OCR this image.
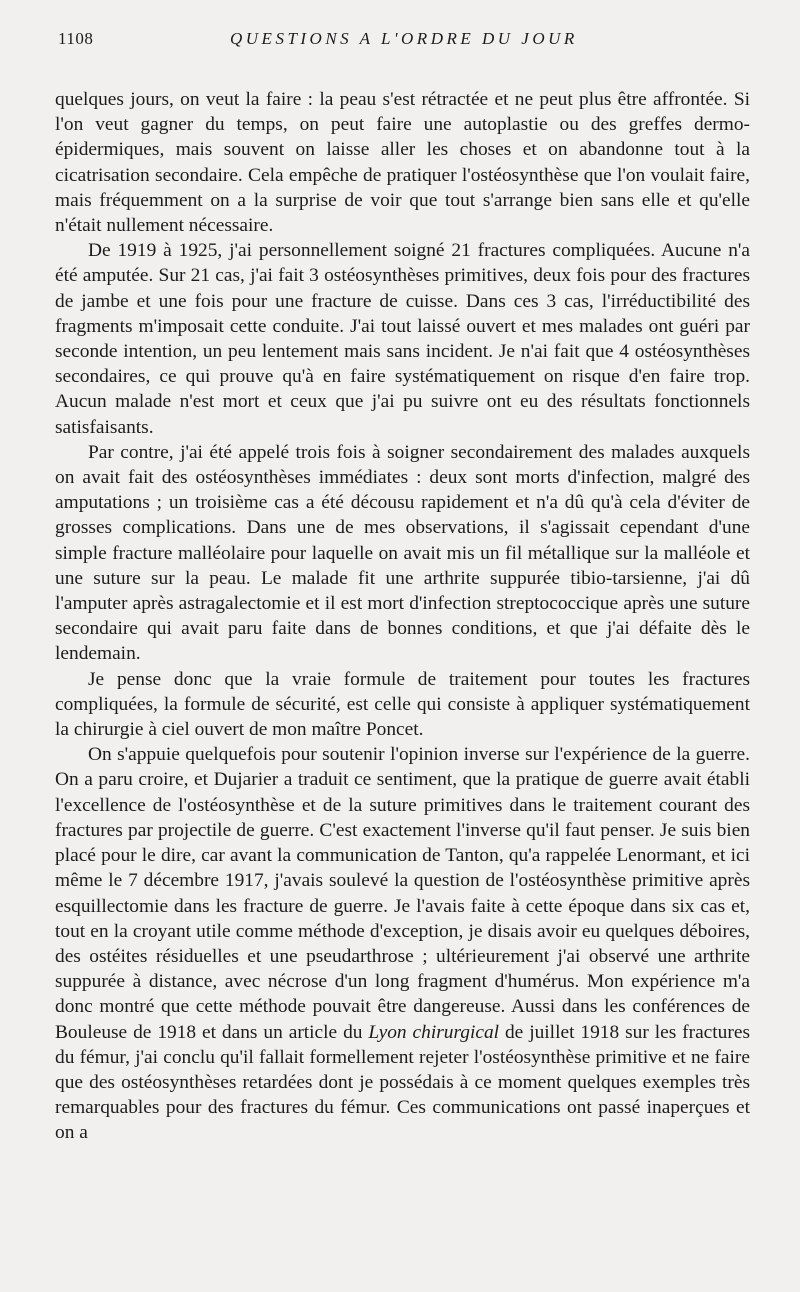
1108	QUESTIONS A L'ORDRE DU JOUR

quelques jours, on veut la faire : la peau s'est rétractée et ne peut plus être affrontée. Si l'on veut gagner du temps, on peut faire une autoplastie ou des greffes dermo-épidermiques, mais souvent on laisse aller les choses et on abandonne tout à la cicatrisation secondaire. Cela empêche de pratiquer l'ostéosynthèse que l'on voulait faire, mais fréquemment on a la surprise de voir que tout s'arrange bien sans elle et qu'elle n'était nullement nécessaire.

De 1919 à 1925, j'ai personnellement soigné 21 fractures compliquées. Aucune n'a été amputée. Sur 21 cas, j'ai fait 3 ostéosynthèses primitives, deux fois pour des fractures de jambe et une fois pour une fracture de cuisse. Dans ces 3 cas, l'irréductibilité des fragments m'imposait cette conduite. J'ai tout laissé ouvert et mes malades ont guéri par seconde intention, un peu lentement mais sans incident. Je n'ai fait que 4 ostéosynthèses secondaires, ce qui prouve qu'à en faire systématiquement on risque d'en faire trop. Aucun malade n'est mort et ceux que j'ai pu suivre ont eu des résultats fonctionnels satisfaisants.

Par contre, j'ai été appelé trois fois à soigner secondairement des malades auxquels on avait fait des ostéosynthèses immédiates : deux sont morts d'infection, malgré des amputations ; un troisième cas a été décousu rapidement et n'a dû qu'à cela d'éviter de grosses complications. Dans une de mes observations, il s'agissait cependant d'une simple fracture malléolaire pour laquelle on avait mis un fil métallique sur la malléole et une suture sur la peau. Le malade fit une arthrite suppurée tibio-tarsienne, j'ai dû l'amputer après astragalectomie et il est mort d'infection streptococcique après une suture secondaire qui avait paru faite dans de bonnes conditions, et que j'ai défaite dès le lendemain.

Je pense donc que la vraie formule de traitement pour toutes les fractures compliquées, la formule de sécurité, est celle qui consiste à appliquer systématiquement la chirurgie à ciel ouvert de mon maître Poncet.

On s'appuie quelquefois pour soutenir l'opinion inverse sur l'expérience de la guerre. On a paru croire, et Dujarier a traduit ce sentiment, que la pratique de guerre avait établi l'excellence de l'ostéosynthèse et de la suture primitives dans le traitement courant des fractures par projectile de guerre. C'est exactement l'inverse qu'il faut penser. Je suis bien placé pour le dire, car avant la communication de Tanton, qu'a rappelée Lenormant, et ici même le 7 décembre 1917, j'avais soulevé la question de l'ostéosynthèse primitive après esquillectomie dans les fracture de guerre. Je l'avais faite à cette époque dans six cas et, tout en la croyant utile comme méthode d'exception, je disais avoir eu quelques déboires, des ostéites résiduelles et une pseudarthrose ; ultérieurement j'ai observé une arthrite suppurée à distance, avec nécrose d'un long fragment d'humérus. Mon expérience m'a donc montré que cette méthode pouvait être dangereuse. Aussi dans les conférences de Bouleuse de 1918 et dans un article du Lyon chirurgical de juillet 1918 sur les fractures du fémur, j'ai conclu qu'il fallait formellement rejeter l'ostéosynthèse primitive et ne faire que des ostéosynthèses retardées dont je possédais à ce moment quelques exemples très remarquables pour des fractures du fémur. Ces communications ont passé inaperçues et on a
